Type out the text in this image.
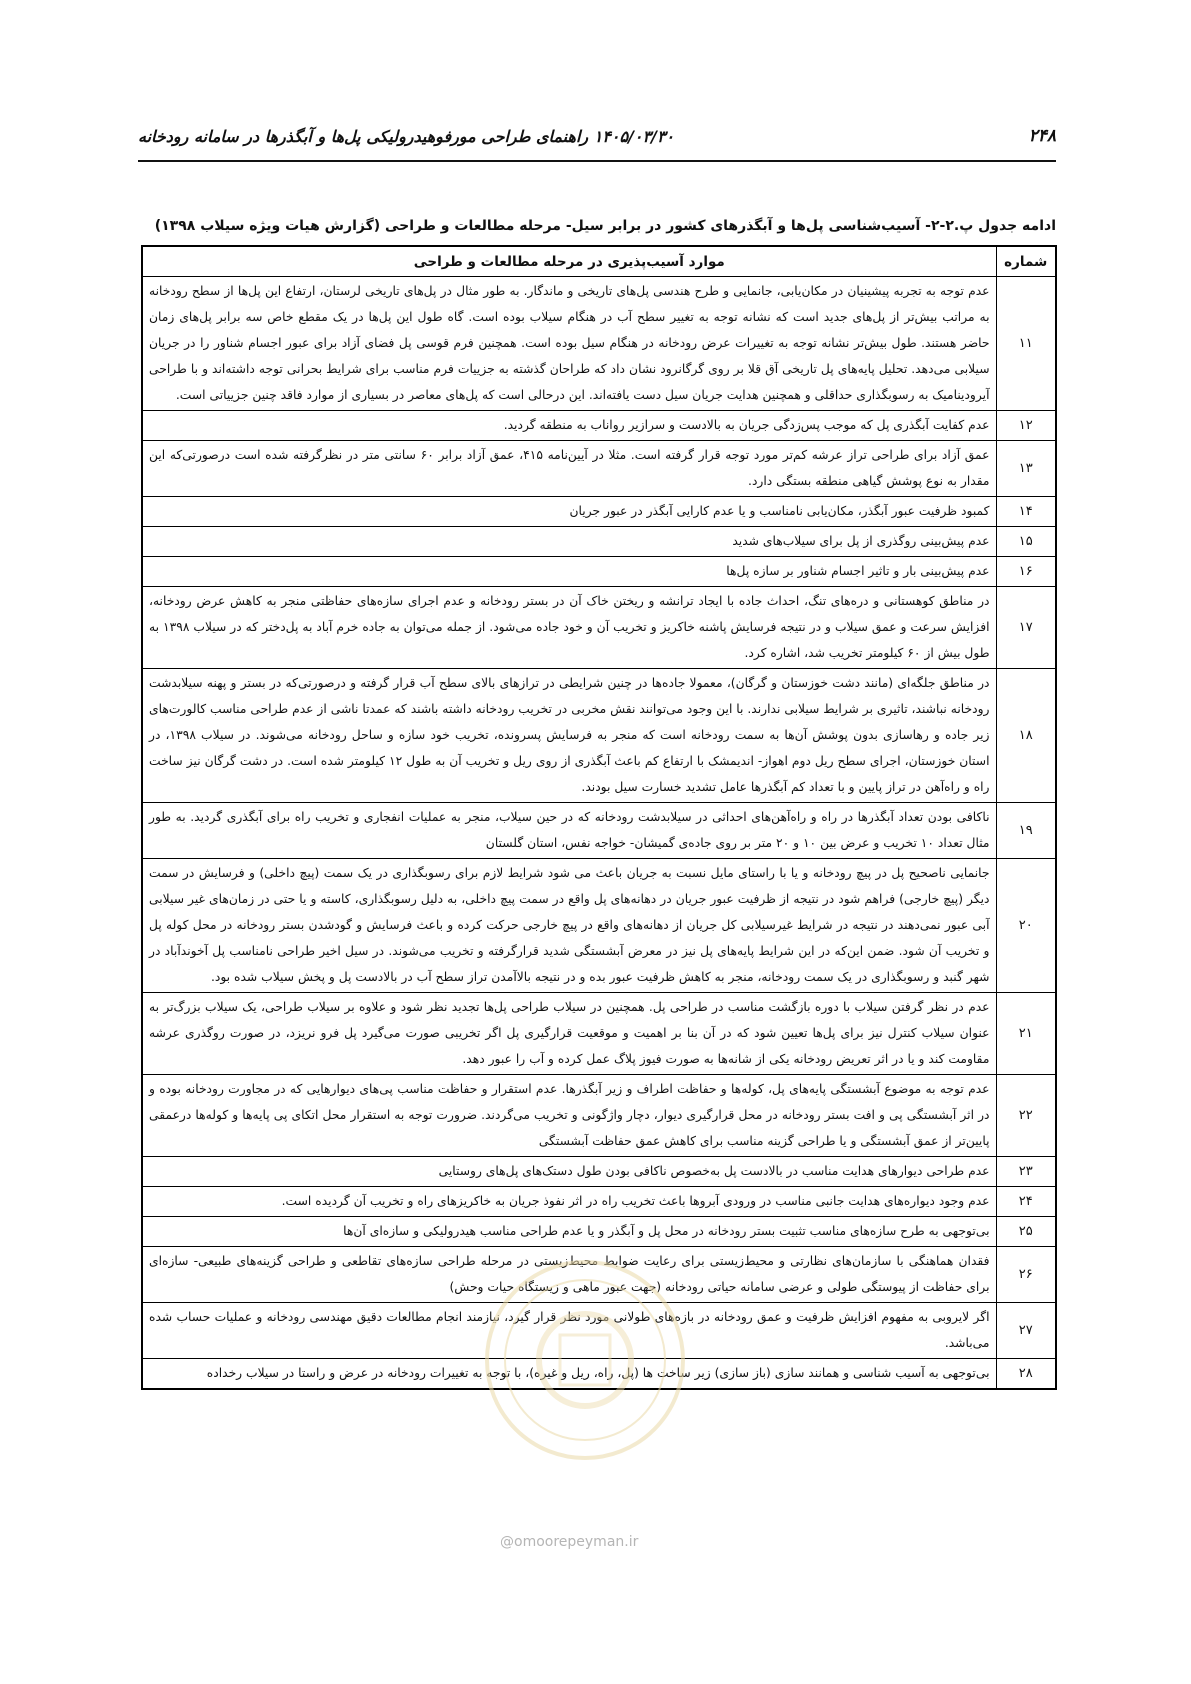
۲۴۸
۱۴۰۵/۰۳/۳۰ راهنمای طراحی مورفوهیدرولیکی پل‌ها و آبگذرها در سامانه رودخانه
ادامه جدول پ.۲-۲- آسیب‌شناسی پل‌ها و آبگذرهای کشور در برابر سیل- مرحله مطالعات و طراحی (گزارش هیات ویژه سیلاب ۱۳۹۸)
شماره	موارد آسیب‌پذیری در مرحله مطالعات و طراحی
۱۱	عدم توجه به تجربه پیشینیان در مکان‌یابی، جانمایی و طرح هندسی پل‌های تاریخی و ماندگار. به طور مثال در پل‌های تاریخی لرستان، ارتفاع این پل‌ها از سطح رودخانه به مراتب بیش‌تر از پل‌های جدید است که نشانه توجه به تغییر سطح آب در هنگام سیلاب بوده است. گاه طول این پل‌ها در یک مقطع خاص سه برابر پل‌های زمان حاضر هستند. طول بیش‌تر نشانه توجه به تغییرات عرض رودخانه در هنگام سیل بوده است. همچنین فرم قوسی پل فضای آزاد برای عبور اجسام شناور را در جریان سیلابی می‌دهد. تحلیل پایه‌های پل تاریخی آق قلا بر روی گرگانرود نشان داد که طراحان گذشته به جزییات فرم مناسب برای شرایط بحرانی توجه داشته‌اند و با طراحی آیرودینامیک به رسوبگذاری حداقلی و همچنین هدایت جریان سیل دست یافته‌اند. این درحالی است که پل‌های معاصر در بسیاری از موارد فاقد چنین جزییاتی است.
۱۲	عدم کفایت آبگذری پل که موجب پس‌زدگی جریان به بالادست و سرازیر رواناب به منطقه گردید.
۱۳	عمق آزاد برای طراحی تراز عرشه کم‌تر مورد توجه قرار گرفته است. مثلا در آیین‌نامه ۴۱۵، عمق آزاد برابر ۶۰ سانتی متر در نظرگرفته شده است درصورتی‌که این مقدار به نوع پوشش گیاهی منطقه بستگی دارد.
۱۴	کمبود ظرفیت عبور آبگذر، مکان‌یابی نامناسب و یا عدم کارایی آبگذر در عبور جریان
۱۵	عدم پیش‌بینی روگذری از پل برای سیلاب‌های شدید
۱۶	عدم پیش‌بینی بار و تاثیر اجسام شناور بر سازه پل‌ها
۱۷	در مناطق کوهستانی و دره‌های تنگ، احداث جاده با ایجاد ترانشه و ریختن خاک آن در بستر رودخانه و عدم اجرای سازه‌های حفاظتی منجر به کاهش عرض رودخانه، افزایش سرعت و عمق سیلاب و در نتیجه فرسایش پاشنه خاکریز و تخریب آن و خود جاده می‌شود. از جمله می‌توان به جاده خرم آباد به پل‌دختر که در سیلاب ۱۳۹۸ به طول بیش از ۶۰ کیلومتر تخریب شد، اشاره کرد.
۱۸	در مناطق جلگه‌ای (مانند دشت خوزستان و گرگان)، معمولا جاده‌ها در چنین شرایطی در ترازهای بالای سطح آب قرار گرفته و درصورتی‌که در بستر و پهنه سیلابدشت رودخانه نباشند، تاثیری بر شرایط سیلابی ندارند. با این وجود می‌توانند نقش مخربی در تخریب رودخانه داشته باشند که عمدتا ناشی از عدم طراحی مناسب کالورت‌های زیر جاده و رهاسازی بدون پوشش آن‌ها به سمت رودخانه است که منجر به فرسایش پسرونده، تخریب خود سازه و ساحل رودخانه می‌شوند. در سیلاب ۱۳۹۸، در استان خوزستان، اجرای سطح ریل دوم اهواز- اندیمشک با ارتفاع کم باعث آبگذری از روی ریل و تخریب آن به طول ۱۲ کیلومتر شده است. در دشت گرگان نیز ساخت راه و راه‌آهن در تراز پایین و با تعداد کم آبگذرها عامل تشدید خسارت سیل بودند.
۱۹	ناکافی بودن تعداد آبگذرها در راه و راه‌آهن‌های احداثی در سیلابدشت رودخانه که در حین سیلاب، منجر به عملیات انفجاری و تخریب راه برای آبگذری گردید. به طور مثال تعداد ۱۰ تخریب و عرض بین ۱۰ و ۲۰ متر بر روی جاده‌ی گمیشان- خواجه نفس، استان گلستان
۲۰	جانمایی ناصحیح پل در پیچ رودخانه و یا با راستای مایل نسبت به جریان باعث می شود شرایط لازم برای رسوبگذاری در یک سمت (پیچ داخلی) و فرسایش در سمت دیگر (پیچ خارجی) فراهم شود در نتیجه از ظرفیت عبور جریان در دهانه‌های پل واقع در سمت پیچ داخلی، به دلیل رسوبگذاری، کاسته و یا حتی در زمان‌های غیر سیلابی آبی عبور نمی‌دهند در نتیجه در شرایط غیرسیلابی کل جریان از دهانه‌های واقع در پیچ خارجی حرکت کرده و باعث فرسایش و گودشدن بستر رودخانه در محل کوله پل و تخریب آن شود. ضمن این‌که در این شرایط پایه‌های پل نیز در معرض آبشستگی شدید قرارگرفته و تخریب می‌شوند. در سیل اخیر طراحی نامناسب پل آخوندآباد در شهر گنبد و رسوبگذاری در یک سمت رودخانه، منجر به کاهش ظرفیت عبور بده و در نتیجه بالاآمدن تراز سطح آب در بالادست پل و پخش سیلاب شده بود.
۲۱	عدم در نظر گرفتن سیلاب با دوره بازگشت مناسب در طراحی پل. همچنین در سیلاب طراحی پل‌ها تجدید نظر شود و علاوه بر سیلاب طراحی، یک سیلاب بزرگ‌تر به عنوان سیلاب کنترل نیز برای پل‌ها تعیین شود که در آن بنا بر اهمیت و موقعیت قرارگیری پل اگر تخریبی صورت می‌گیرد پل فرو نریزد، در صورت روگذری عرشه مقاومت کند و یا در اثر تعریض رودخانه یکی از شانه‌ها به صورت فیوز پلاگ عمل کرده و آب را عبور دهد.
۲۲	عدم توجه به موضوع آبشستگی پایه‌های پل، کوله‌ها و حفاظت اطراف و زیر آبگذرها. عدم استقرار و حفاظت مناسب پی‌های دیوارهایی که در مجاورت رودخانه بوده و در اثر آبشستگی پی و افت بستر رودخانه در محل قرارگیری دیوار، دچار واژگونی و تخریب می‌گردند. ضرورت توجه به استقرار محل اتکای پی پایه‌ها و کوله‌ها درعمقی پایین‌تر از عمق آبشستگی و یا طراحی گزینه مناسب برای کاهش عمق حفاظت آبشستگی
۲۳	عدم طراحی دیوارهای هدایت مناسب در بالادست پل به‌خصوص ناکافی بودن طول دستک‌های پل‌های روستایی
۲۴	عدم وجود دیواره‌های هدایت جانبی مناسب در ورودی آبروها باعث تخریب راه در اثر نفوذ جریان به خاکریزهای راه و تخریب آن گردیده است.
۲۵	بی‌توجهی به طرح سازه‌های مناسب تثبیت بستر رودخانه در محل پل و آبگذر و یا عدم طراحی مناسب هیدرولیکی و سازه‌ای آن‌ها
۲۶	فقدان هماهنگی با سازمان‌های نظارتی و محیط‌زیستی برای رعایت ضوابط محیط‌زیستی در مرحله طراحی سازه‌های تقاطعی و طراحی گزینه‌های طبیعی- سازه‌ای برای حفاظت از پیوستگی طولی و عرضی سامانه حیاتی رودخانه (جهت عبور ماهی و زیستگاه حیات وحش)
۲۷	اگر لایروبی به مفهوم افزایش ظرفیت و عمق رودخانه در بازه‌های طولانی مورد نظر قرار گیرد، نیازمند انجام مطالعات دقیق مهندسی رودخانه و عملیات حساب شده می‌باشد.
۲۸	بی‌توجهی به آسیب شناسی و همانند سازی (باز سازی) زیر ساخت ها (پل، راه، ریل و غیره)، با توجه به تغییرات رودخانه در عرض و راستا در سیلاب رخداده
@omoorepeyman.ir
